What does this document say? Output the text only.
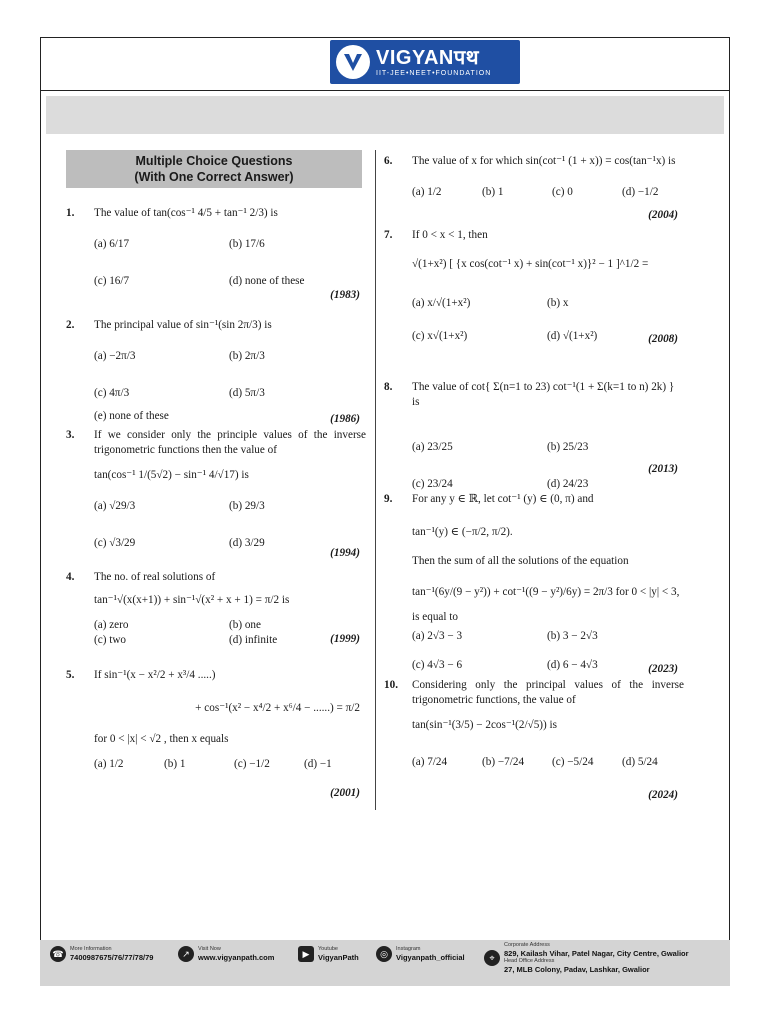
VIGYANपथ
IIT-JEE•NEET•FOUNDATION
Multiple Choice Questions
(With One Correct Answer)
1.	The value of tan(cos⁻¹ 4/5 + tan⁻¹ 2/3) is
(a) 6/17	(b) 17/6
(c) 16/7	(d) none of these
(1983)
2.	The principal value of sin⁻¹(sin 2π/3) is
(a) −2π/3	(b) 2π/3
(c) 4π/3	(d) 5π/3
(e) none of these	(1986)
3.	If we consider only the principle values of the inverse trigonometric functions then the value of
tan(cos⁻¹ 1/(5√2) − sin⁻¹ 4/√17) is
(a) √29/3	(b) 29/3
(c) √3/29	(d) 3/29
(1994)
4.	The no. of real solutions of
tan⁻¹√(x(x+1)) + sin⁻¹√(x² + x + 1) = π/2 is
(a) zero	(b) one
(c) two	(d) infinite	(1999)
5.	If sin⁻¹(x − x²/2 + x³/4 .....)
+ cos⁻¹(x² − x⁴/2 + x⁶/4 − ......) = π/2
for 0 < |x| < √2 , then x equals
(a) 1/2	(b) 1	(c) −1/2	(d) −1
(2001)
6.	The value of x for which sin(cot⁻¹ (1 + x)) = cos(tan⁻¹x) is
(a) 1/2	(b) 1	(c) 0	(d) −1/2
(2004)
7.	If 0 < x < 1, then
√(1+x²) [ {x cos(cot⁻¹ x) + sin(cot⁻¹ x)}² − 1 ]^1/2 =
(a) x/√(1+x²)	(b) x
(c) x√(1+x²)	(d) √(1+x²)	(2008)
8.	The value of cot{ Σ(n=1 to 23) cot⁻¹(1 + Σ(k=1 to n) 2k) } is
(a) 23/25	(b) 25/23
(c) 23/24	(d) 24/23
(2013)
9.	For any y ∈ ℝ, let cot⁻¹ (y) ∈ (0, π) and
tan⁻¹(y) ∈ (−π/2, π/2).
Then the sum of all the solutions of the equation
tan⁻¹(6y/(9 − y²)) + cot⁻¹((9 − y²)/6y) = 2π/3 for 0 < |y| < 3,
is equal to
(a) 2√3 − 3	(b) 3 − 2√3
(c) 4√3 − 6	(d) 6 − 4√3	(2023)
10.	Considering only the principal values of the inverse trigonometric functions, the value of
tan(sin⁻¹(3/5) − 2cos⁻¹(2/√5)) is
(a) 7/24	(b) −7/24	(c) −5/24	(d) 5/24
(2024)
☎	More Information
7400987675/76/77/78/79	↗	Visit Now
www.vigyanpath.com	▶	Youtube
VigyanPath	◎	Instagram
Vigyanpath_official	⌖
Corporate Address
829, Kailash Vihar, Patel Nagar, City Centre, Gwalior
Head Office Address
27, MLB Colony, Padav, Lashkar, Gwalior
